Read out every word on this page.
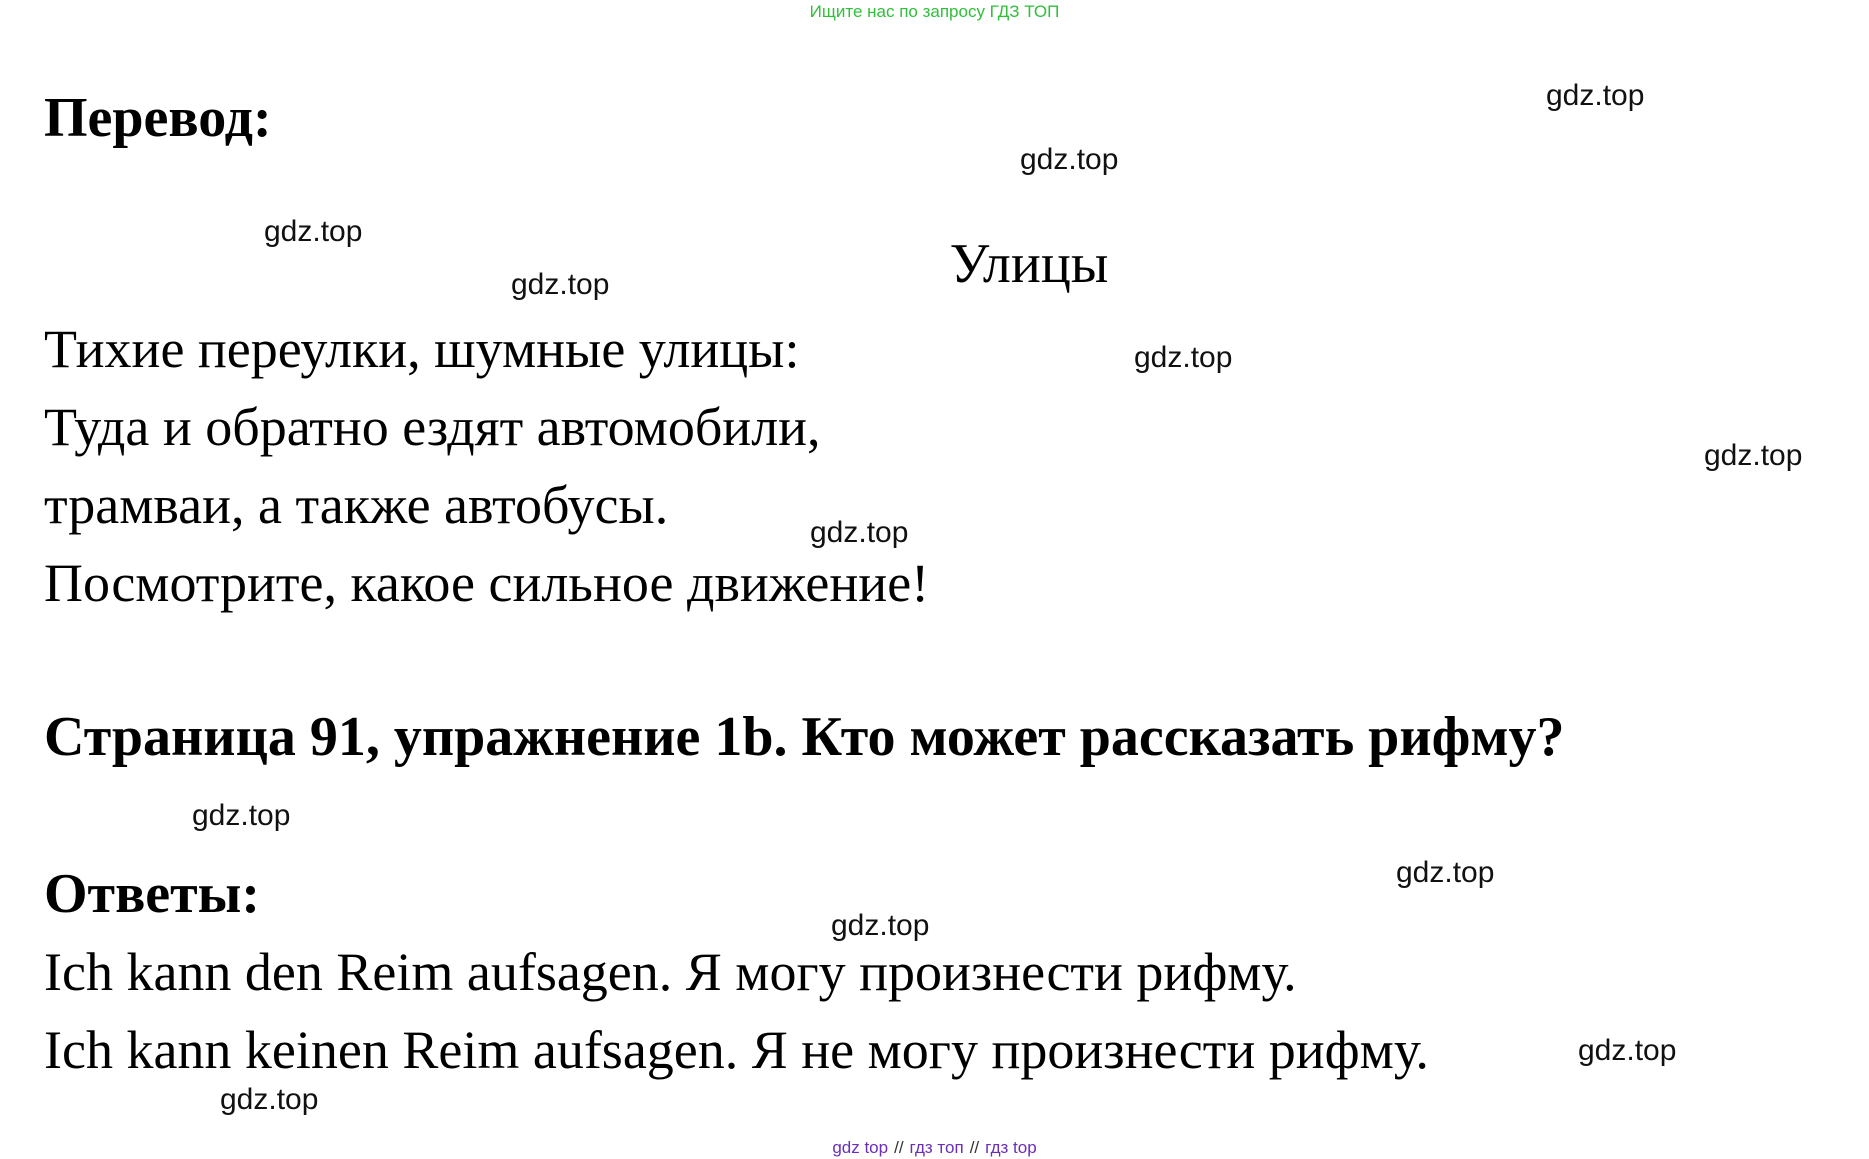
Ищите нас по запросу ГДЗ ТОП
Перевод:
Улицы
Тихие переулки, шумные улицы:
Туда и обратно ездят автомобили,
трамваи, а также автобусы.
Посмотрите, какое сильное движение!
Страница 91, упражнение 1b. Кто может рассказать рифму?
Ответы:
Ich kann den Reim aufsagen. Я могу произнести рифму.
Ich kann keinen Reim aufsagen. Я не могу произнести рифму.
gdz.top
gdz.top
gdz.top
gdz.top
gdz.top
gdz.top
gdz.top
gdz.top
gdz.top
gdz.top
gdz.top
gdz.top
gdz top // гдз топ // гдз top
